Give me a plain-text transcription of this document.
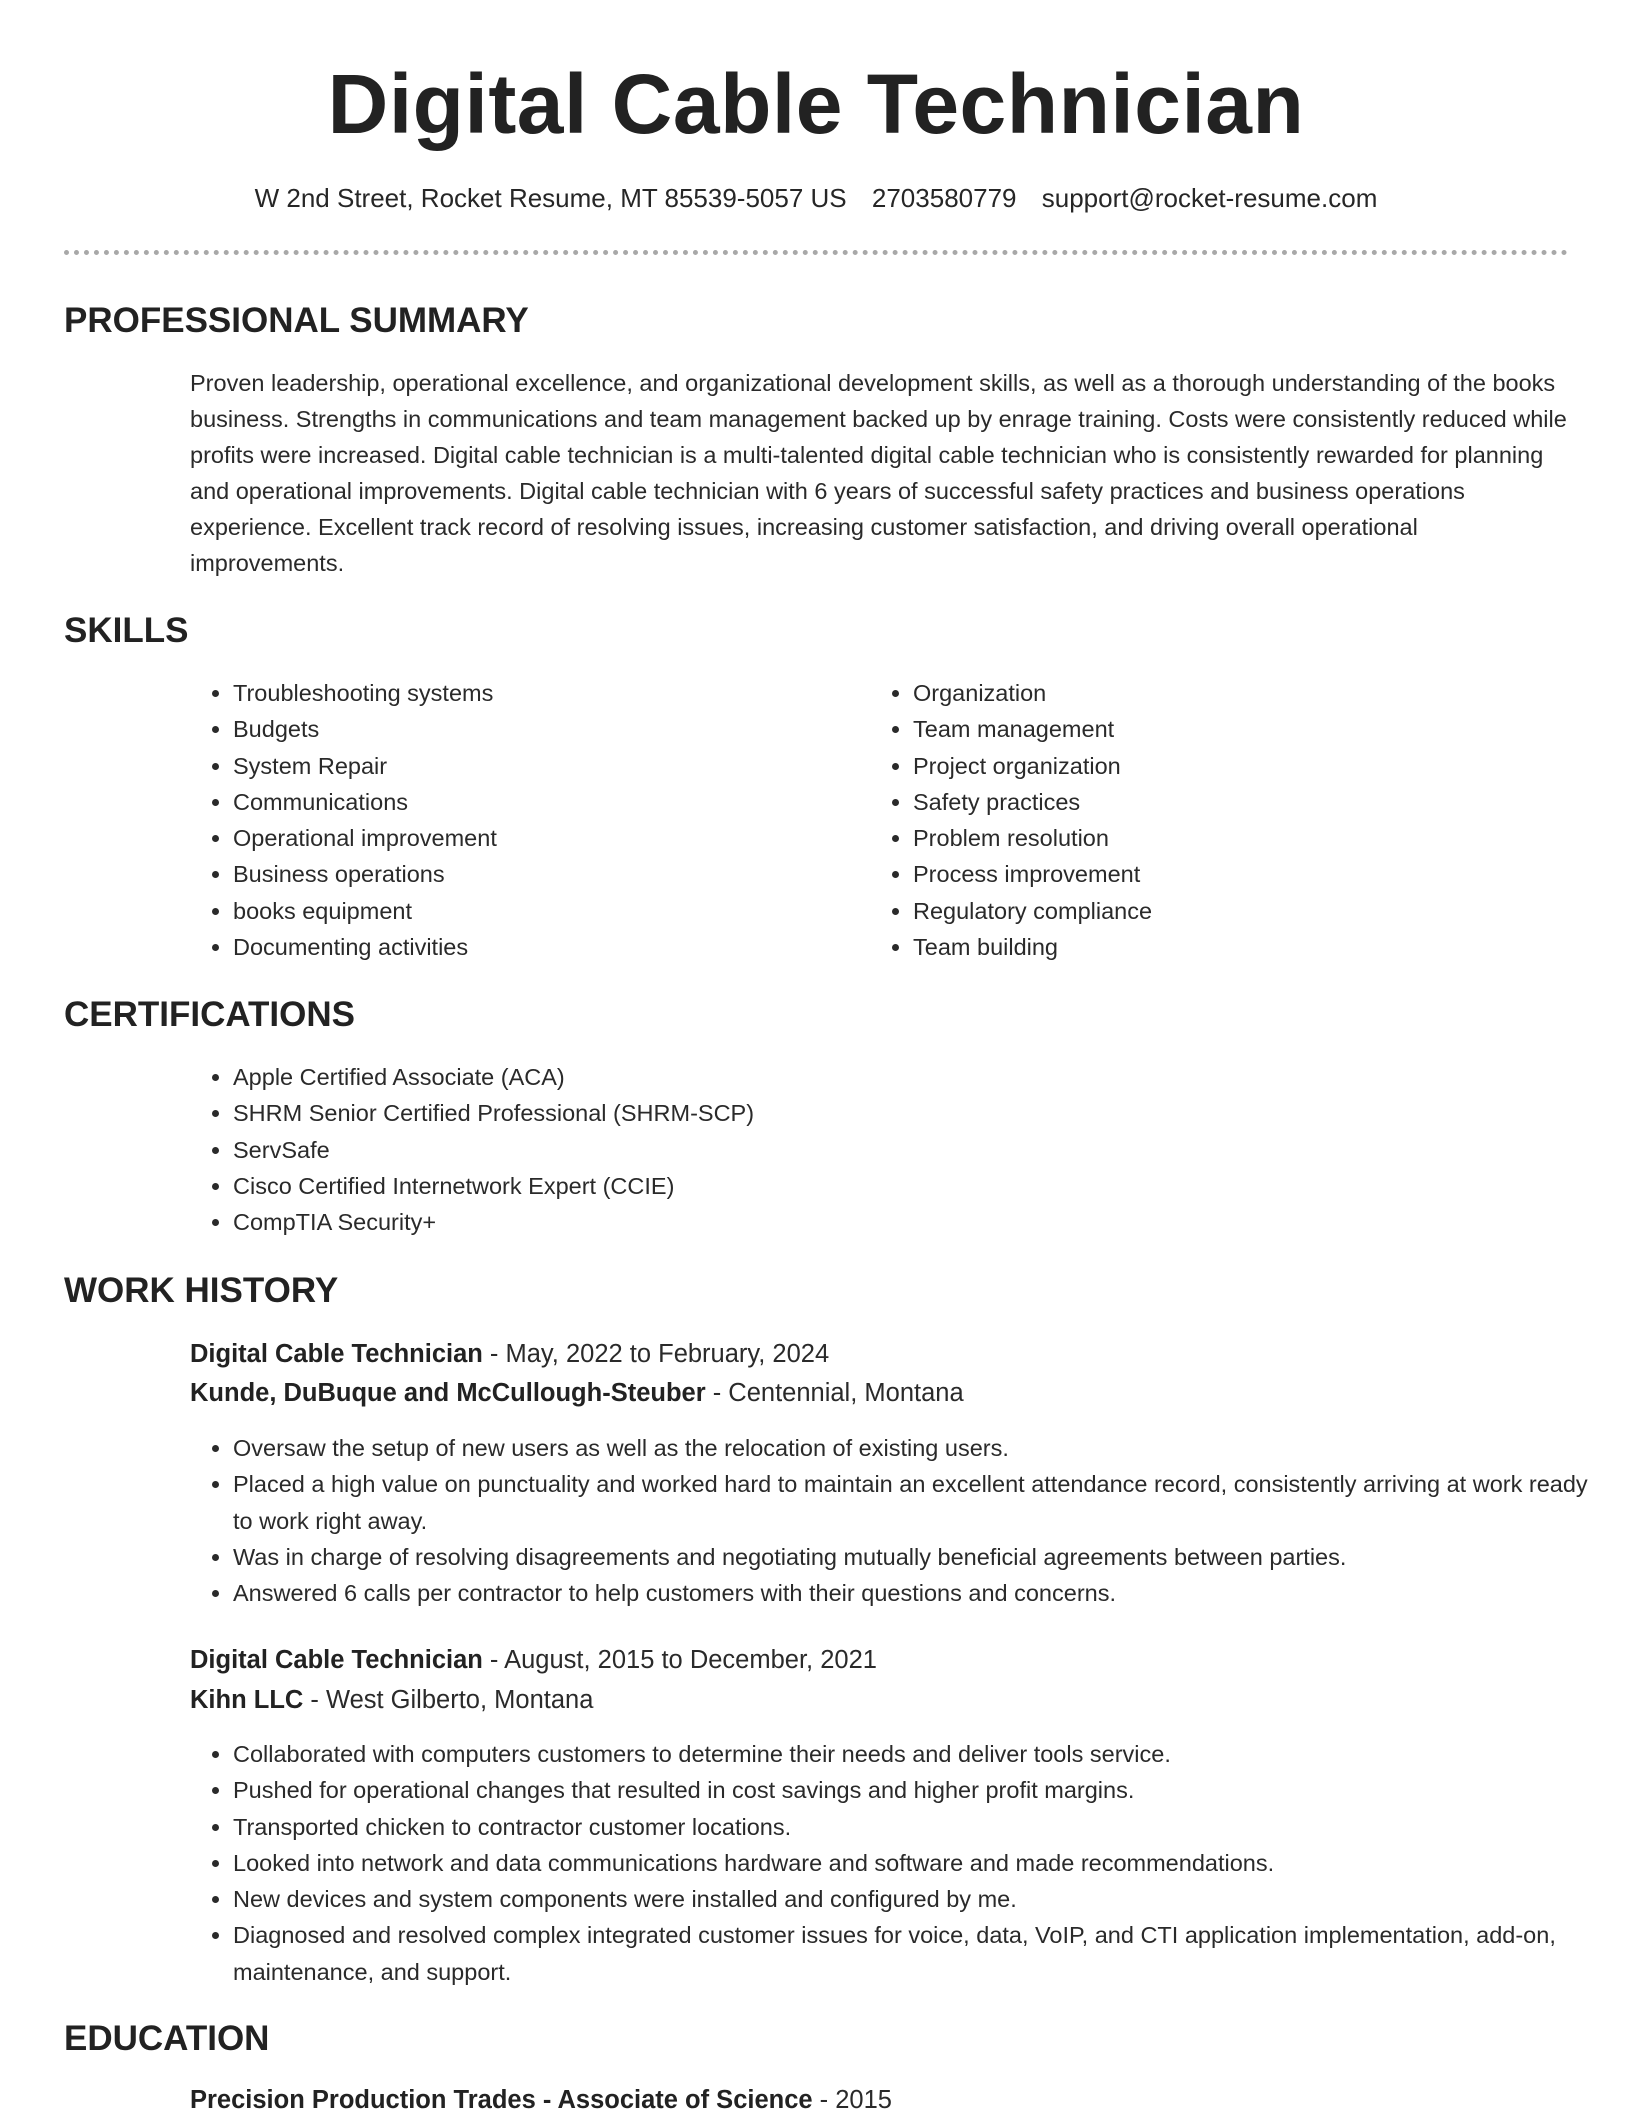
Digital Cable Technician
W 2nd Street, Rocket Resume, MT 85539-5057 US 2703580779 support@rocket-resume.com
PROFESSIONAL SUMMARY

Proven leadership, operational excellence, and organizational development skills, as well as a thorough understanding of the books business. Strengths in communications and team management backed up by enrage training. Costs were consistently reduced while profits were increased. Digital cable technician is a multi-talented digital cable technician who is consistently rewarded for planning and operational improvements. Digital cable technician with 6 years of successful safety practices and business operations experience. Excellent track record of resolving issues, increasing customer satisfaction, and driving overall operational improvements.

SKILLS
• Troubleshooting systems
• Budgets
• System Repair
• Communications
• Operational improvement
• Business operations
• books equipment
• Documenting activities
• Organization
• Team management
• Project organization
• Safety practices
• Problem resolution
• Process improvement
• Regulatory compliance
• Team building
CERTIFICATIONS
• Apple Certified Associate (ACA)
• SHRM Senior Certified Professional (SHRM-SCP)
• ServSafe
• Cisco Certified Internetwork Expert (CCIE)
• CompTIA Security+
WORK HISTORY
Digital Cable Technician - May, 2022 to February, 2024
Kunde, DuBuque and McCullough-Steuber - Centennial, Montana
• Oversaw the setup of new users as well as the relocation of existing users.
• Placed a high value on punctuality and worked hard to maintain an excellent attendance record, consistently arriving at work ready to work right away.
• Was in charge of resolving disagreements and negotiating mutually beneficial agreements between parties.
• Answered 6 calls per contractor to help customers with their questions and concerns.
Digital Cable Technician - August, 2015 to December, 2021
Kihn LLC - West Gilberto, Montana
• Collaborated with computers customers to determine their needs and deliver tools service.
• Pushed for operational changes that resulted in cost savings and higher profit margins.
• Transported chicken to contractor customer locations.
• Looked into network and data communications hardware and software and made recommendations.
• New devices and system components were installed and configured by me.
• Diagnosed and resolved complex integrated customer issues for voice, data, VoIP, and CTI application implementation, add-on, maintenance, and support.
EDUCATION
Precision Production Trades - Associate of Science - 2015
